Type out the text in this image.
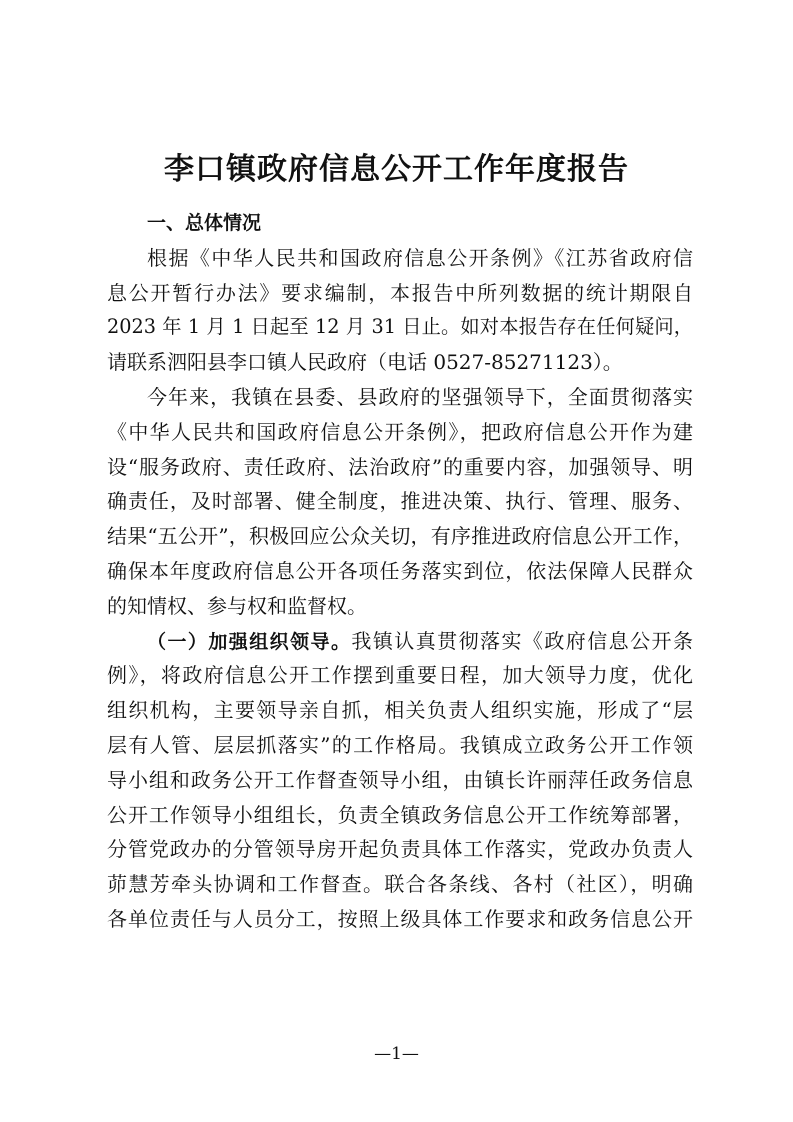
李口镇政府信息公开工作年度报告
一、总体情况
根据《中华人民共和国政府信息公开条例》《江苏省政府信
息公开暂行办法》要求编制，本报告中所列数据的统计期限自
2023 年 1 月 1 日起至 12 月 31 日止。如对本报告存在任何疑问，
请联系泗阳县李口镇人民政府（电话 0527-85271123）。
今年来，我镇在县委、县政府的坚强领导下，全面贯彻落实
《中华人民共和国政府信息公开条例》，把政府信息公开作为建
设“服务政府、责任政府、法治政府”的重要内容，加强领导、明
确责任，及时部署、健全制度，推进决策、执行、管理、服务、
结果“五公开”，积极回应公众关切，有序推进政府信息公开工作，
确保本年度政府信息公开各项任务落实到位，依法保障人民群众
的知情权、参与权和监督权。
（一）加强组织领导。我镇认真贯彻落实《政府信息公开条
例》，将政府信息公开工作摆到重要日程，加大领导力度，优化
组织机构，主要领导亲自抓，相关负责人组织实施，形成了“层
层有人管、层层抓落实”的工作格局。我镇成立政务公开工作领
导小组和政务公开工作督查领导小组，由镇长许丽萍任政务信息
公开工作领导小组组长，负责全镇政务信息公开工作统筹部署，
分管党政办的分管领导房开起负责具体工作落实，党政办负责人
茆慧芳牵头协调和工作督查。联合各条线、各村（社区），明确
各单位责任与人员分工，按照上级具体工作要求和政务信息公开
—1—
